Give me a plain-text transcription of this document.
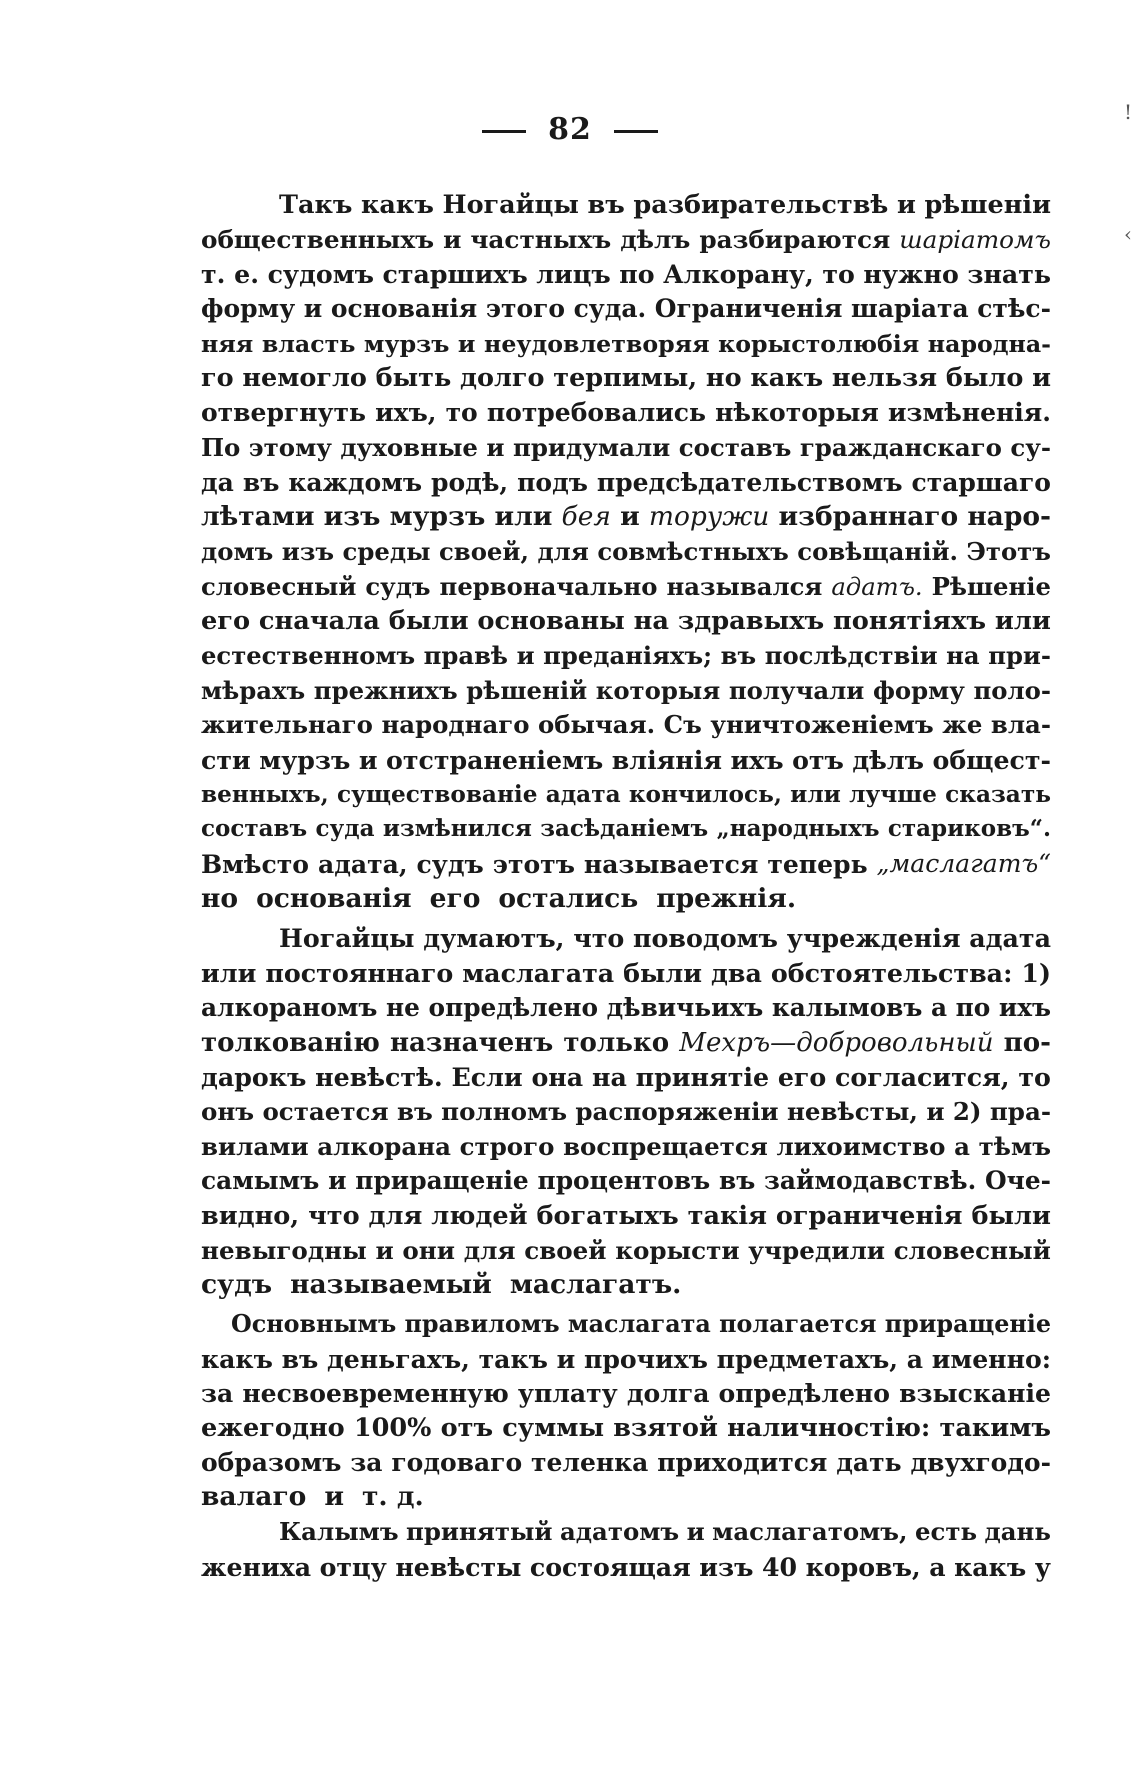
82	!
‹
Такъ какъ Ногайцы въ разбирательствѣ и рѣшеніи
общественныхъ и частныхъ дѣлъ разбираются шаріатомъ
т. е. судомъ старшихъ лицъ по Алкорану, то нужно знать
форму и основанія этого суда. Ограниченія шаріата стѣс-
няя власть мурзъ и неудовлетворяя корыстолюбія народна-
го немогло быть долго терпимы, но какъ нельзя было и
отвергнуть ихъ, то потребовались нѣкоторыя измѣненія.
По этому духовные и придумали составъ гражданскаго су-
да въ каждомъ родѣ, подъ предсѣдательствомъ старшаго
лѣтами изъ мурзъ или бея и торужи избраннаго наро-
домъ изъ среды своей, для совмѣстныхъ совѣщаній. Этотъ
словесный судъ первоначально назывался адатъ. Рѣшеніе
его сначала были основаны на здравыхъ понятіяхъ или
естественномъ правѣ и преданіяхъ; въ послѣдствіи на при-
мѣрахъ прежнихъ рѣшеній которыя получали форму поло-
жительнаго народнаго обычая. Съ уничтоженіемъ же вла-
сти мурзъ и отстраненіемъ вліянія ихъ отъ дѣлъ общест-
венныхъ, существованіе адата кончилось, или лучше сказать
составъ суда измѣнился засѣданіемъ „народныхъ стариковъ“.
Вмѣсто адата, судъ этотъ называется теперь „маслагатъ“
но основанія его остались прежнія.
Ногайцы думаютъ, что поводомъ учрежденія адата
или постояннаго маслагата были два обстоятельства: 1)
алкораномъ не опредѣлено дѣвичьихъ калымовъ а по ихъ
толкованію назначенъ только Мехръ—добровольный по-
дарокъ невѣстѣ. Если она на принятіе его согласится, то
онъ остается въ полномъ распоряженіи невѣсты, и 2) пра-
вилами алкорана строго воспрещается лихоимство а тѣмъ
самымъ и приращеніе процентовъ въ займодавствѣ. Оче-
видно, что для людей богатыхъ такія ограниченія были
невыгодны и они для своей корысти учредили словесный
судъ называемый маслагатъ.
Основнымъ правиломъ маслагата полагается приращеніе
какъ въ деньгахъ, такъ и прочихъ предметахъ, а именно:
за несвоевременную уплату долга опредѣлено взысканіе
ежегодно 100% отъ суммы взятой наличностію: такимъ
образомъ за годоваго теленка приходится дать двухгодо-
валаго и т. д.
Калымъ принятый адатомъ и маслагатомъ, есть дань
жениха отцу невѣсты состоящая изъ 40 коровъ, а какъ у
